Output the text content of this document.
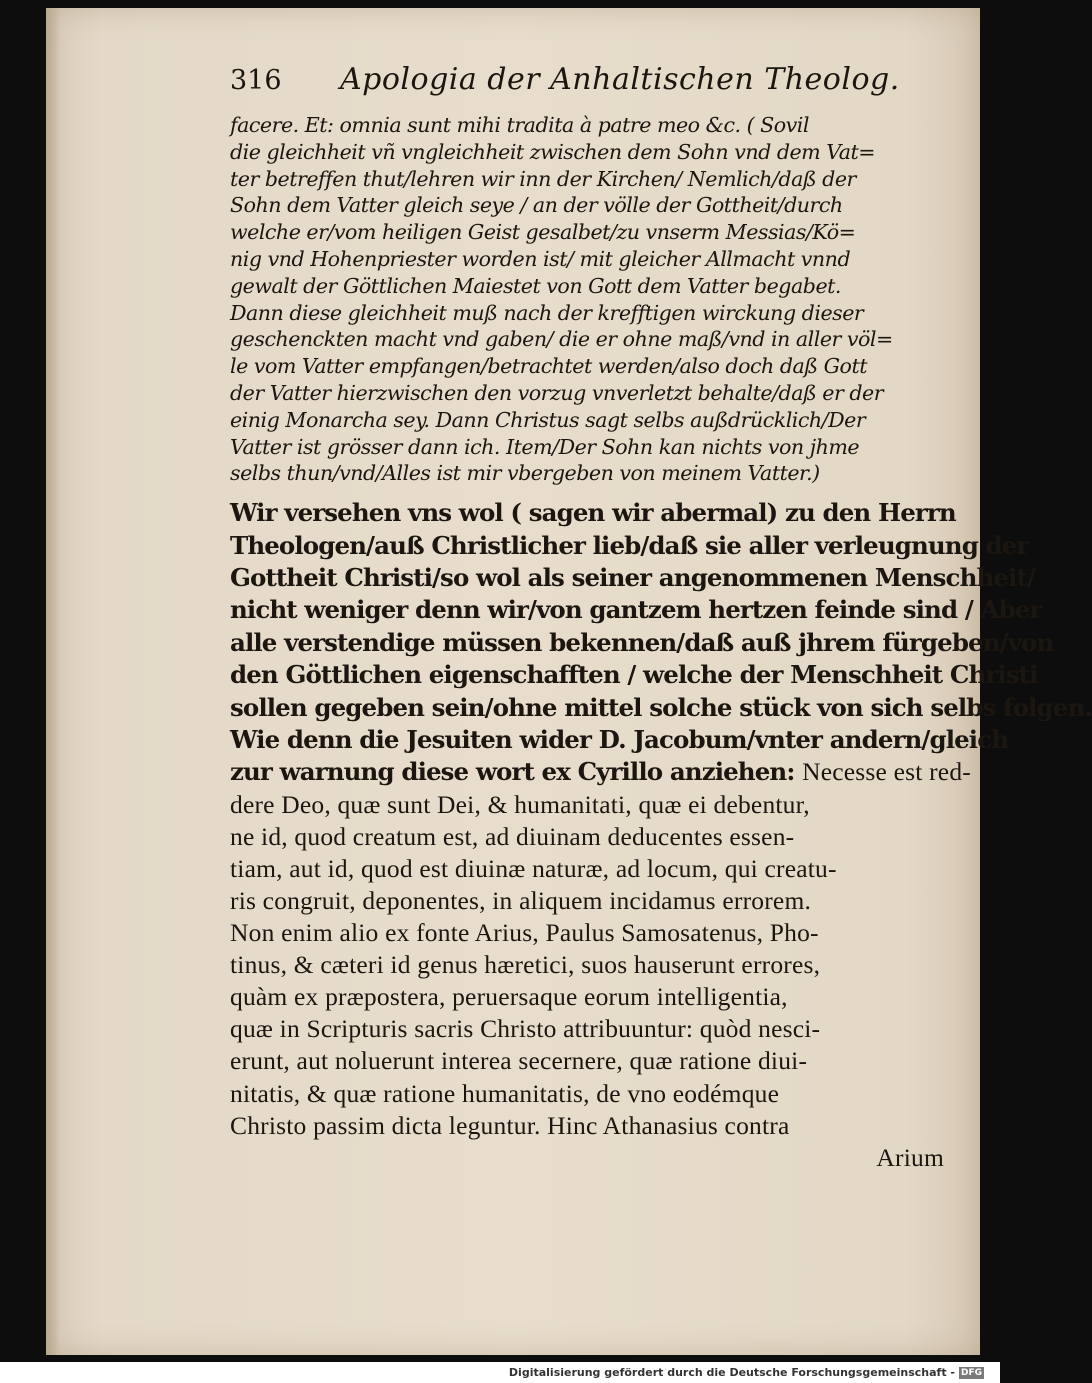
316	Apologia der Anhaltischen Theolog.
facere. Et: omnia sunt mihi tradita à patre meo &c. ( Sovil
die gleichheit vñ vngleichheit zwischen dem Sohn vnd dem Vat=
ter betreffen thut/lehren wir inn der Kirchen/ Nemlich/daß der
Sohn dem Vatter gleich seye / an der völle der Gottheit/durch
welche er/vom heiligen Geist gesalbet/zu vnserm Messias/Kö=
nig vnd Hohenpriester worden ist/ mit gleicher Allmacht vnnd
gewalt der Göttlichen Maiestet von Gott dem Vatter begabet.
Dann diese gleichheit muß nach der krefftigen wirckung dieser
geschenckten macht vnd gaben/ die er ohne maß/vnd in aller völ=
le vom Vatter empfangen/betrachtet werden/also doch daß Gott
der Vatter hierzwischen den vorzug vnverletzt behalte/daß er der
einig Monarcha sey. Dann Christus sagt selbs außdrücklich/Der
Vatter ist grösser dann ich. Item/Der Sohn kan nichts von jhme
selbs thun/vnd/Alles ist mir vbergeben von meinem Vatter.)
Wir versehen vns wol ( sagen wir abermal) zu den Herrn
Theologen/auß Christlicher lieb/daß sie aller verleugnung der
Gottheit Christi/so wol als seiner angenommenen Menschheit/
nicht weniger denn wir/von gantzem hertzen feinde sind / Aber
alle verstendige müssen bekennen/daß auß jhrem fürgeben/von
den Göttlichen eigenschafften / welche der Menschheit Christi
sollen gegeben sein/ohne mittel solche stück von sich selbs folgen.
Wie denn die Jesuiten wider D. Jacobum/vnter andern/gleich
zur warnung diese wort ex Cyrillo anziehen: Necesse est red-
dere Deo, quæ sunt Dei, & humanitati, quæ ei debentur,
ne id, quod creatum est, ad diuinam deducentes essen-
tiam, aut id, quod est diuinæ naturæ, ad locum, qui creatu-
ris congruit, deponentes, in aliquem incidamus errorem.
Non enim alio ex fonte Arius, Paulus Samosatenus, Pho-
tinus, & cæteri id genus hæretici, suos hauserunt errores,
quàm ex præpostera, peruersaque eorum intelligentia,
quæ in Scripturis sacris Christo attribuuntur: quòd nesci-
erunt, aut noluerunt interea secernere, quæ ratione diui-
nitatis, & quæ ratione humanitatis, de vno eodémque
Christo passim dicta leguntur. Hinc Athanasius contra
Arium
Digitalisierung gefördert durch die Deutsche Forschungsgemeinschaft - DFG
